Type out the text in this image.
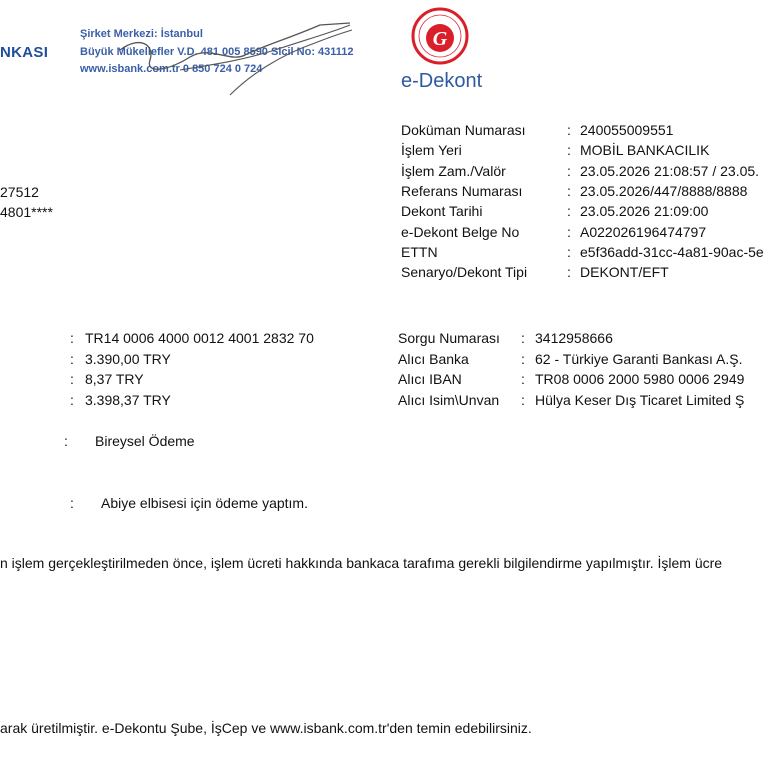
NKASI
Şirket Merkezi: İstanbul
Büyük Mükellefler V.D. 481 005 8590 Sicil No: 431112
www.isbank.com.tr 0 850 724 0 724
G
e-Dekont
Doküman Numarası	: 240055009551
İşlem Yeri	: MOBİL BANKACILIK
İşlem Zam./Valör	: 23.05.2026 21:08:57 / 23.05.
Referans Numarası	: 23.05.2026/447/8888/8888
Dekont Tarihi	: 23.05.2026 21:09:00
e-Dekont Belge No	: A022026196474797
ETTN	: e5f36add-31cc-4a81-90ac-5e
Senaryo/Dekont Tipi	: DEKONT/EFT
27512
4801****
: TR14 0006 4000 0012 4001 2832 70
: 3.390,00 TRY
: 8,37 TRY
: 3.398,37 TRY
Sorgu Numarası : 3412958666
Alıcı Banka	: 62 - Türkiye Garanti Bankası A.Ş.
Alıcı IBAN	: TR08 0006 2000 5980 0006 2949
Alıcı Isim\Unvan : Hülya Keser Dış Ticaret Limited Ş
: Bireysel Ödeme
: Abiye elbisesi için ödeme yaptım.
n işlem gerçekleştirilmeden önce, işlem ücreti hakkında bankaca tarafıma gerekli bilgilendirme yapılmıştır. İşlem ücre
arak üretilmiştir. e-Dekontu Şube, İşCep ve www.isbank.com.tr'den temin edebilirsiniz.
